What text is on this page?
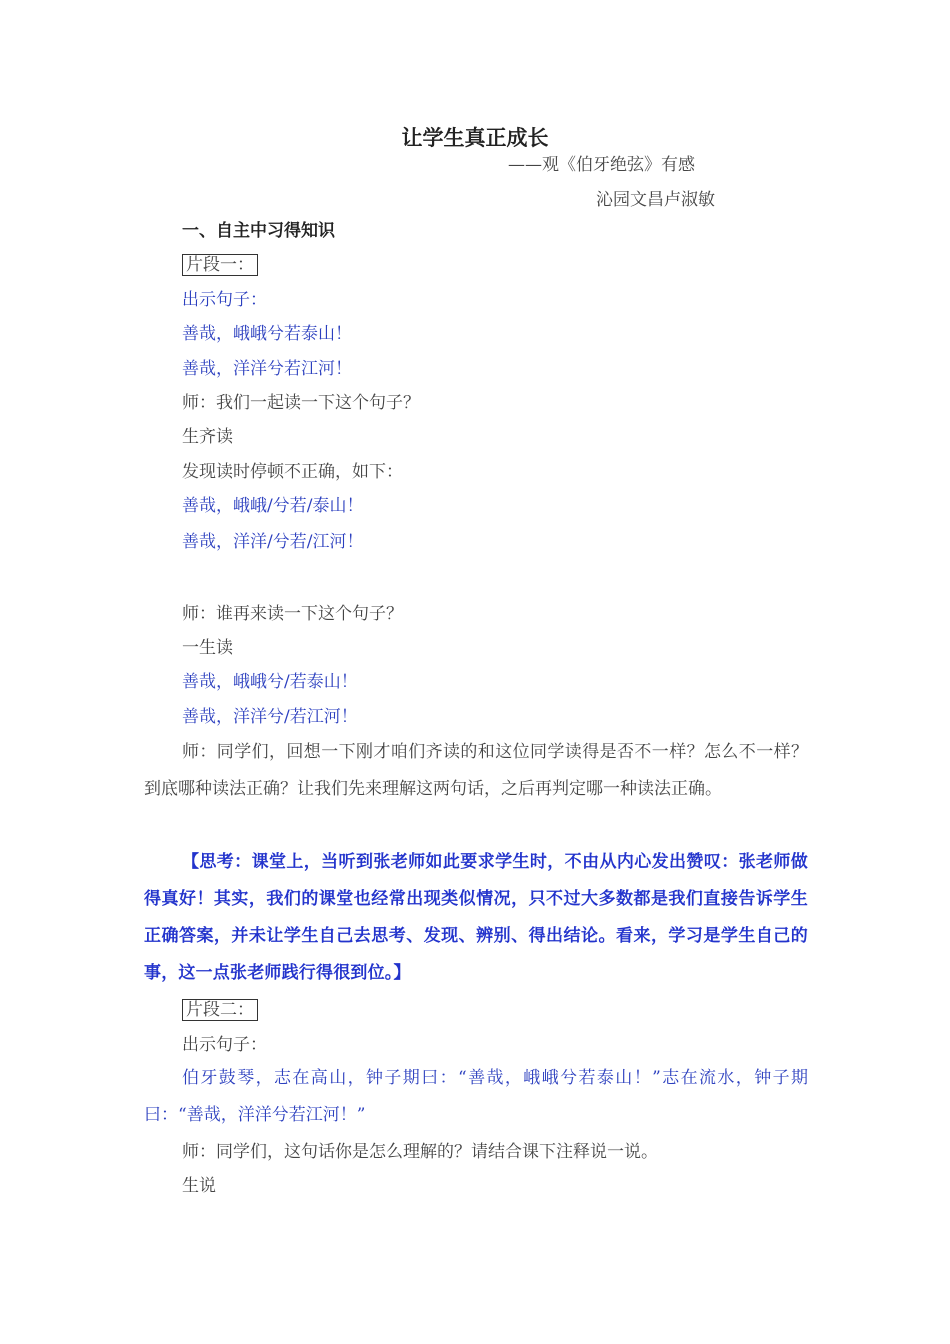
让学生真正成长
——观《伯牙绝弦》有感
沁园文昌卢淑敏
一、自主中习得知识
片段一：
出示句子：
善哉，峨峨兮若泰山！
善哉，洋洋兮若江河！
师：我们一起读一下这个句子？
生齐读
发现读时停顿不正确，如下：
善哉，峨峨/兮若/泰山！
善哉，洋洋/兮若/江河！
师：谁再来读一下这个句子？
一生读
善哉，峨峨兮/若泰山！
善哉，洋洋兮/若江河！
师：同学们，回想一下刚才咱们齐读的和这位同学读得是否不一样？怎么不一样？到底哪种读法正确？让我们先来理解这两句话，之后再判定哪一种读法正确。
【思考：课堂上，当听到张老师如此要求学生时，不由从内心发出赞叹：张老师做得真好！其实，我们的课堂也经常出现类似情况，只不过大多数都是我们直接告诉学生正确答案，并未让学生自己去思考、发现、辨别、得出结论。看来，学习是学生自己的事，这一点张老师践行得很到位。】
片段二：
出示句子：
伯牙鼓琴，志在高山，钟子期曰：“善哉，峨峨兮若泰山！”志在流水，钟子期曰：“善哉，洋洋兮若江河！”
师：同学们，这句话你是怎么理解的？请结合课下注释说一说。
生说
